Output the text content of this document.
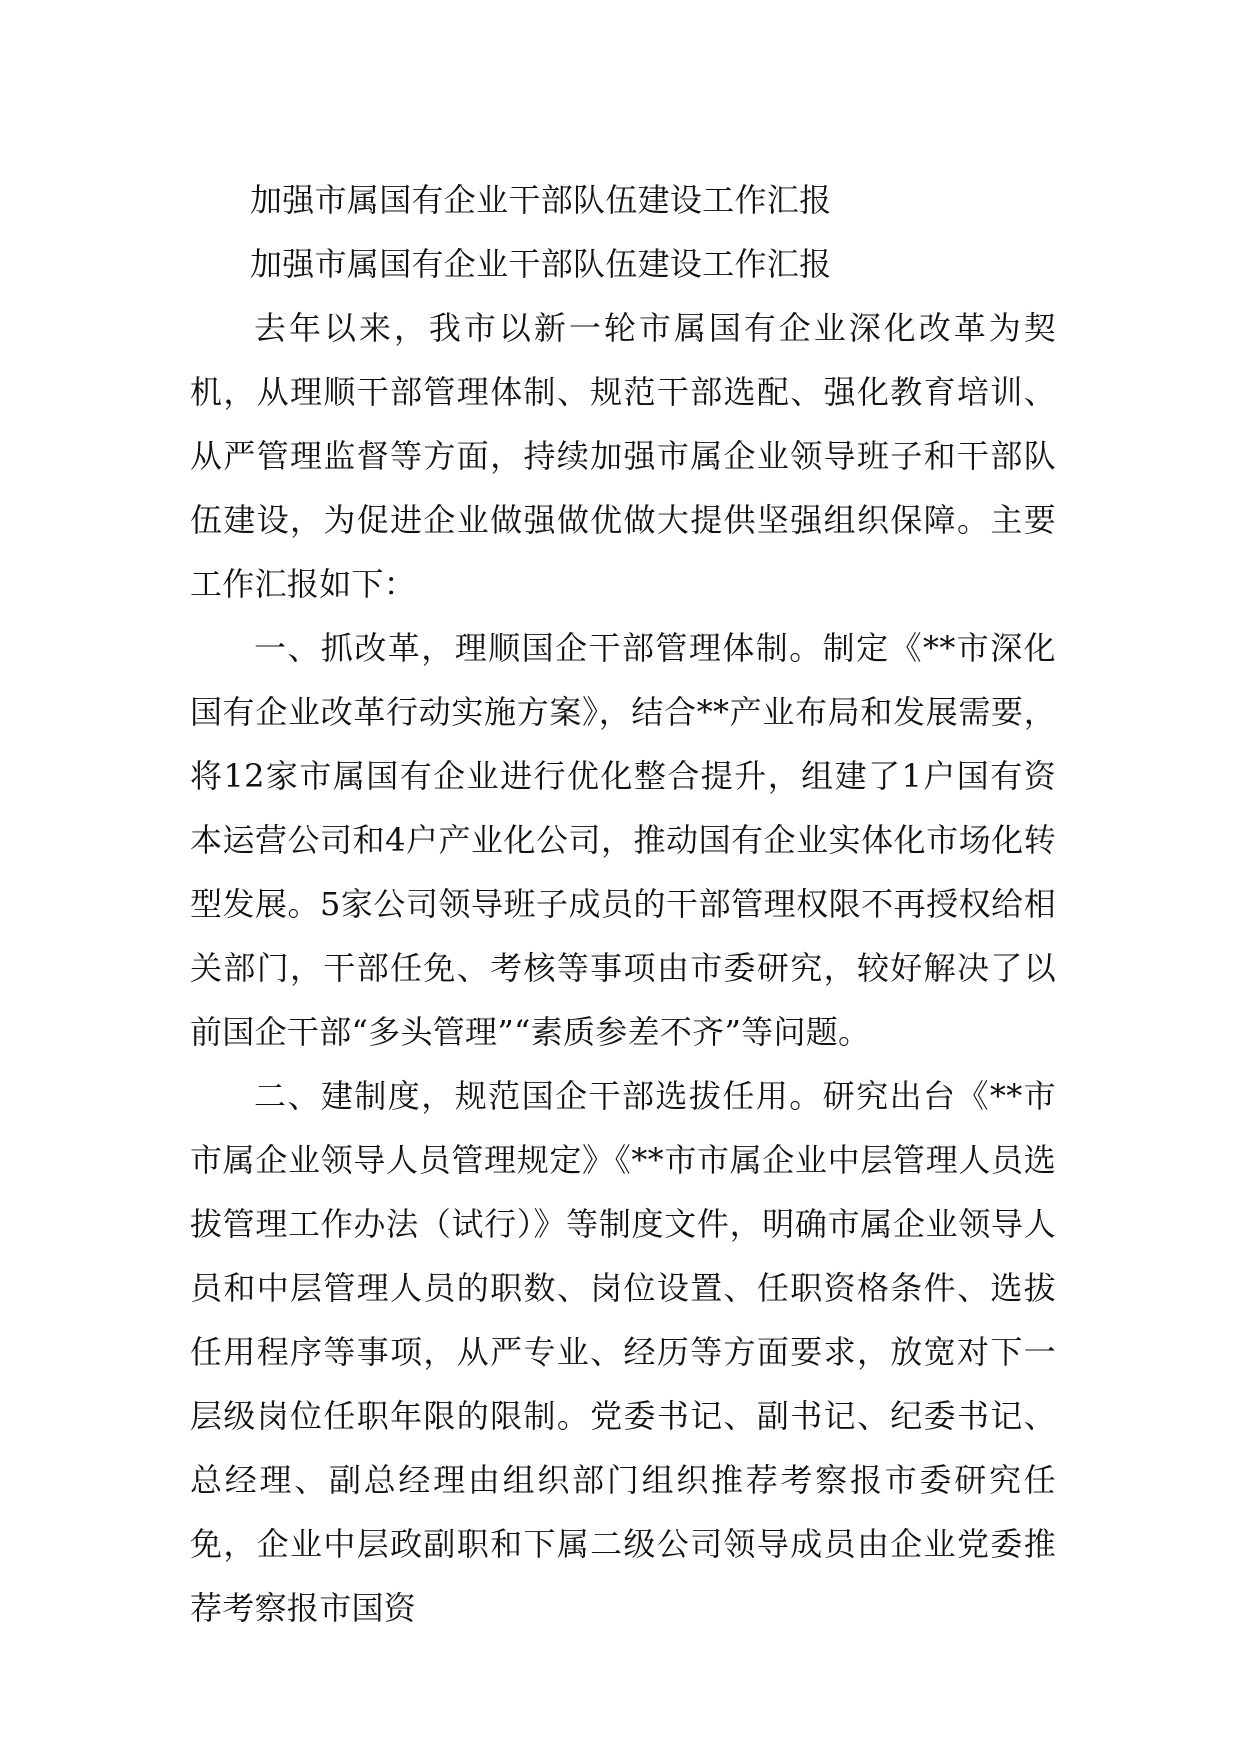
加强市属国有企业干部队伍建设工作汇报

加强市属国有企业干部队伍建设工作汇报

去年以来，我市以新一轮市属国有企业深化改革为契机，从理顺干部管理体制、规范干部选配、强化教育培训、从严管理监督等方面，持续加强市属企业领导班子和干部队伍建设，为促进企业做强做优做大提供坚强组织保障。主要工作汇报如下：

一、抓改革，理顺国企干部管理体制。制定《**市深化国有企业改革行动实施方案》，结合**产业布局和发展需要，将12家市属国有企业进行优化整合提升，组建了1户国有资本运营公司和4户产业化公司，推动国有企业实体化市场化转型发展。5家公司领导班子成员的干部管理权限不再授权给相关部门，干部任免、考核等事项由市委研究，较好解决了以前国企干部“多头管理”“素质参差不齐”等问题。

二、建制度，规范国企干部选拔任用。研究出台《**市市属企业领导人员管理规定》《**市市属企业中层管理人员选拔管理工作办法（试行）》等制度文件，明确市属企业领导人员和中层管理人员的职数、岗位设置、任职资格条件、选拔任用程序等事项，从严专业、经历等方面要求，放宽对下一层级岗位任职年限的限制。党委书记、副书记、纪委书记、总经理、副总经理由组织部门组织推荐考察报市委研究任免，企业中层政副职和下属二级公司领导成员由企业党委推荐考察报市国资
